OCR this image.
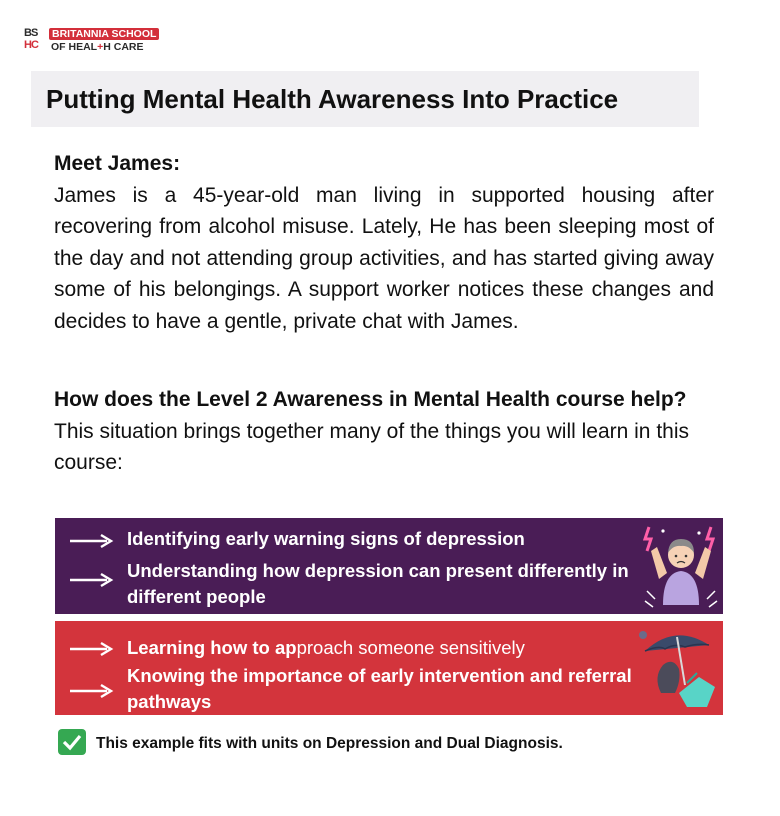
BS
HC
BRITANNIA SCHOOL
OF HEAL+H CARE
Putting Mental Health Awareness Into Practice
Meet James:
James is a 45-year-old man living in supported housing after recovering from alcohol misuse. Lately, He has been sleeping most of the day and not attending group activities, and has started giving away some of his belongings. A support worker notices these changes and decides to have a gentle, private chat with James.
How does the Level 2 Awareness in Mental Health course help?
This situation brings together many of the things you will learn in this course:
Identifying early warning signs of depression
Understanding how depression can present differently in different people
Learning how to approach someone sensitively
Knowing the importance of early intervention and referral pathways
This example fits with units on Depression and Dual Diagnosis.
